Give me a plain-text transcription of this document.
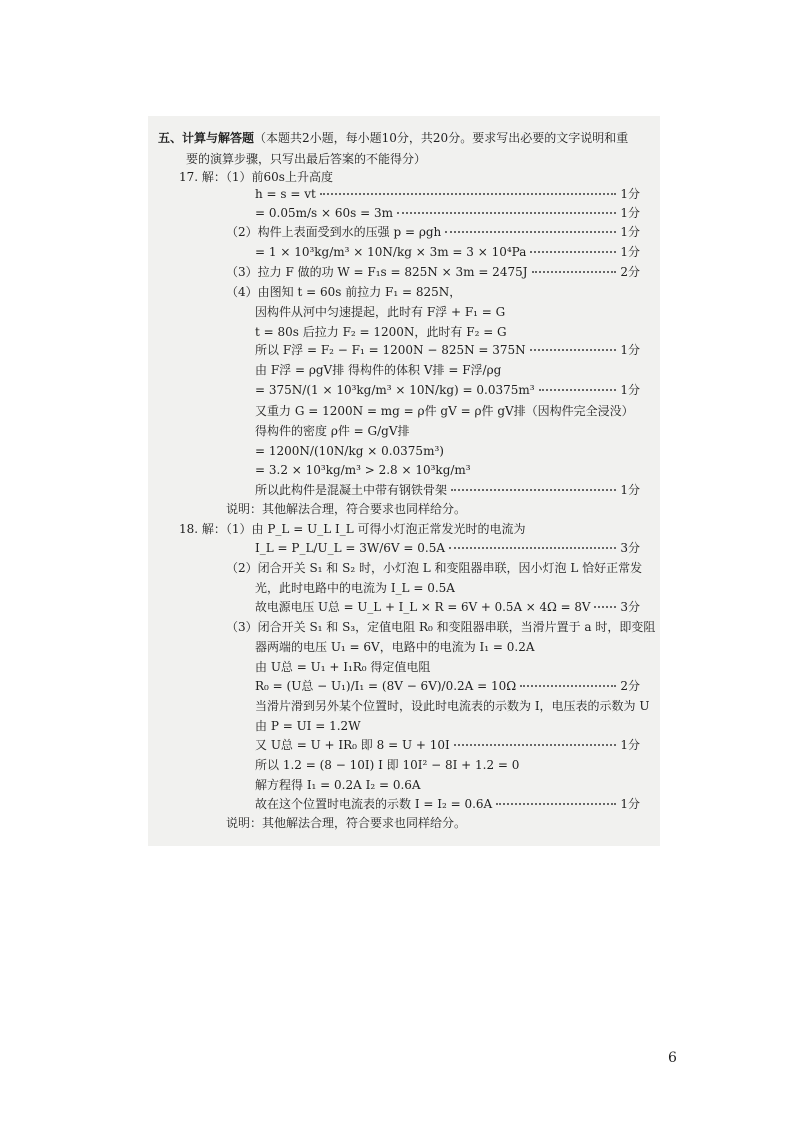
五、计算与解答题（本题共2小题，每小题10分，共20分。要求写出必要的文字说明和重
要的演算步骤，只写出最后答案的不能得分）
17. 解：（1）前60s上升高度
h = s = vt	1分
= 0.05m/s × 60s = 3m	1分
（2）构件上表面受到水的压强 p = ρgh	1分
= 1 × 10³kg/m³ × 10N/kg × 3m = 3 × 10⁴Pa	1分
（3）拉力 F 做的功 W = F₁s = 825N × 3m = 2475J	2分
（4）由图知 t = 60s 前拉力 F₁ = 825N，
因构件从河中匀速提起，此时有 F浮 + F₁ = G
t = 80s 后拉力 F₂ = 1200N，此时有 F₂ = G
所以 F浮 = F₂ − F₁ = 1200N − 825N = 375N	1分
由 F浮 = ρgV排 得构件的体积 V排 = F浮/ρg
= 375N/(1 × 10³kg/m³ × 10N/kg) = 0.0375m³	1分
又重力 G = 1200N = mg = ρ件 gV = ρ件 gV排（因构件完全浸没）
得构件的密度 ρ件 = G/gV排
= 1200N/(10N/kg × 0.0375m³)
= 3.2 × 10³kg/m³ > 2.8 × 10³kg/m³
所以此构件是混凝土中带有钢铁骨架	1分
说明：其他解法合理，符合要求也同样给分。
18. 解：（1）由 P_L = U_L I_L 可得小灯泡正常发光时的电流为
I_L = P_L/U_L = 3W/6V = 0.5A	3分
（2）闭合开关 S₁ 和 S₂ 时，小灯泡 L 和变阻器串联，因小灯泡 L 恰好正常发
光，此时电路中的电流为 I_L = 0.5A
故电源电压 U总 = U_L + I_L × R = 6V + 0.5A × 4Ω = 8V 3分
（3）闭合开关 S₁ 和 S₃，定值电阻 R₀ 和变阻器串联，当滑片置于 a 时，即变阻
器两端的电压 U₁ = 6V，电路中的电流为 I₁ = 0.2A
由 U总 = U₁ + I₁R₀ 得定值电阻
R₀ = (U总 − U₁)/I₁ = (8V − 6V)/0.2A = 10Ω	2分
当滑片滑到另外某个位置时，设此时电流表的示数为 I，电压表的示数为 U
由 P = UI = 1.2W
又 U总 = U + IR₀ 即 8 = U + 10I	1分
所以 1.2 = (8 − 10I) I 即 10I² − 8I + 1.2 = 0
解方程得 I₁ = 0.2A I₂ = 0.6A
故在这个位置时电流表的示数 I = I₂ = 0.6A	1分
说明：其他解法合理，符合要求也同样给分。
6
